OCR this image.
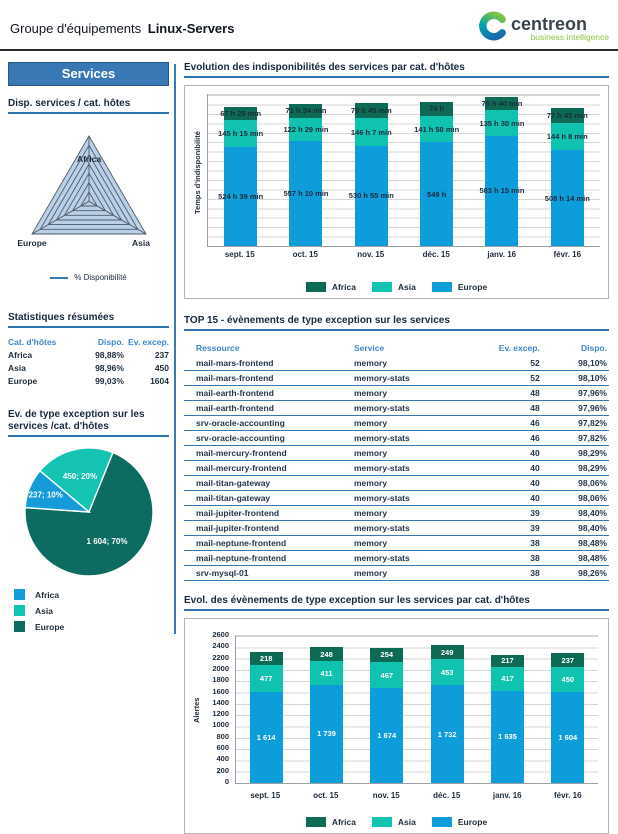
Groupe d'équipements Linux-Servers	centreon
business intelligence
Services
Disp. services / cat. hôtes
Africa
Europe	Asia
% Disponibilité
Statistiques résumées
Cat. d'hôtes	Dispo.	Ev. excep.
Africa	98,88%	237
Asia	98,96%	450
Europe	99,03%	1604
Ev. de type exception sur les services /cat. d'hôtes
450; 20%
1 604; 70%
237; 10%
Africa
Asia
Europe
Evolution des indisponibilités des services par cat. d'hôtes
Temps d'indisponibilité 524 h 39 min
145 h 15 min
67 h 25 min
557 h 10 min
122 h 29 min
71 h 34 min
530 h 55 min
146 h 7 min
79 h 45 min
549 h
141 h 50 min
74 h
583 h 15 min
135 h 30 min
70 h 40 min
508 h 14 min
144 h 8 min
77 h 43 min
sept. 15	oct. 15	nov. 15	déc. 15	janv. 16	févr. 16
Africa	Asia	Europe
TOP 15 - évènements de type exception sur les services
Ressource	Service	Ev. excep.	Dispo.
mail-mars-frontend	memory	52	98,10%
mail-mars-frontend	memory-stats	52	98,10%
mail-earth-frontend	memory	48	97,96%
mail-earth-frontend	memory-stats	48	97,96%
srv-oracle-accounting	memory	46	97,82%
srv-oracle-accounting	memory-stats	46	97,82%
mail-mercury-frontend	memory	40	98,29%
mail-mercury-frontend	memory-stats	40	98,29%
mail-titan-gateway	memory	40	98,06%
mail-titan-gateway	memory-stats	40	98,06%
mail-jupiter-frontend	memory	39	98,40%
mail-jupiter-frontend	memory-stats	39	98,40%
mail-neptune-frontend	memory	38	98,48%
mail-neptune-frontend	memory-stats	38	98,48%
srv-mysql-01	memory	38	98,26%
Evol. des évènements de type exception sur les services par cat. d'hôtes
Alertes
0
200
400
600
800
1000
1200
1400
1600
1800
2000
2200
2400
2600
1 614
477
218
1 739
411
248
1 674
467
254
1 732
453
249
1 635
417
217
1 604
450
237
sept. 15	oct. 15	nov. 15	déc. 15	janv. 16	févr. 16
Africa	Asia	Europe
